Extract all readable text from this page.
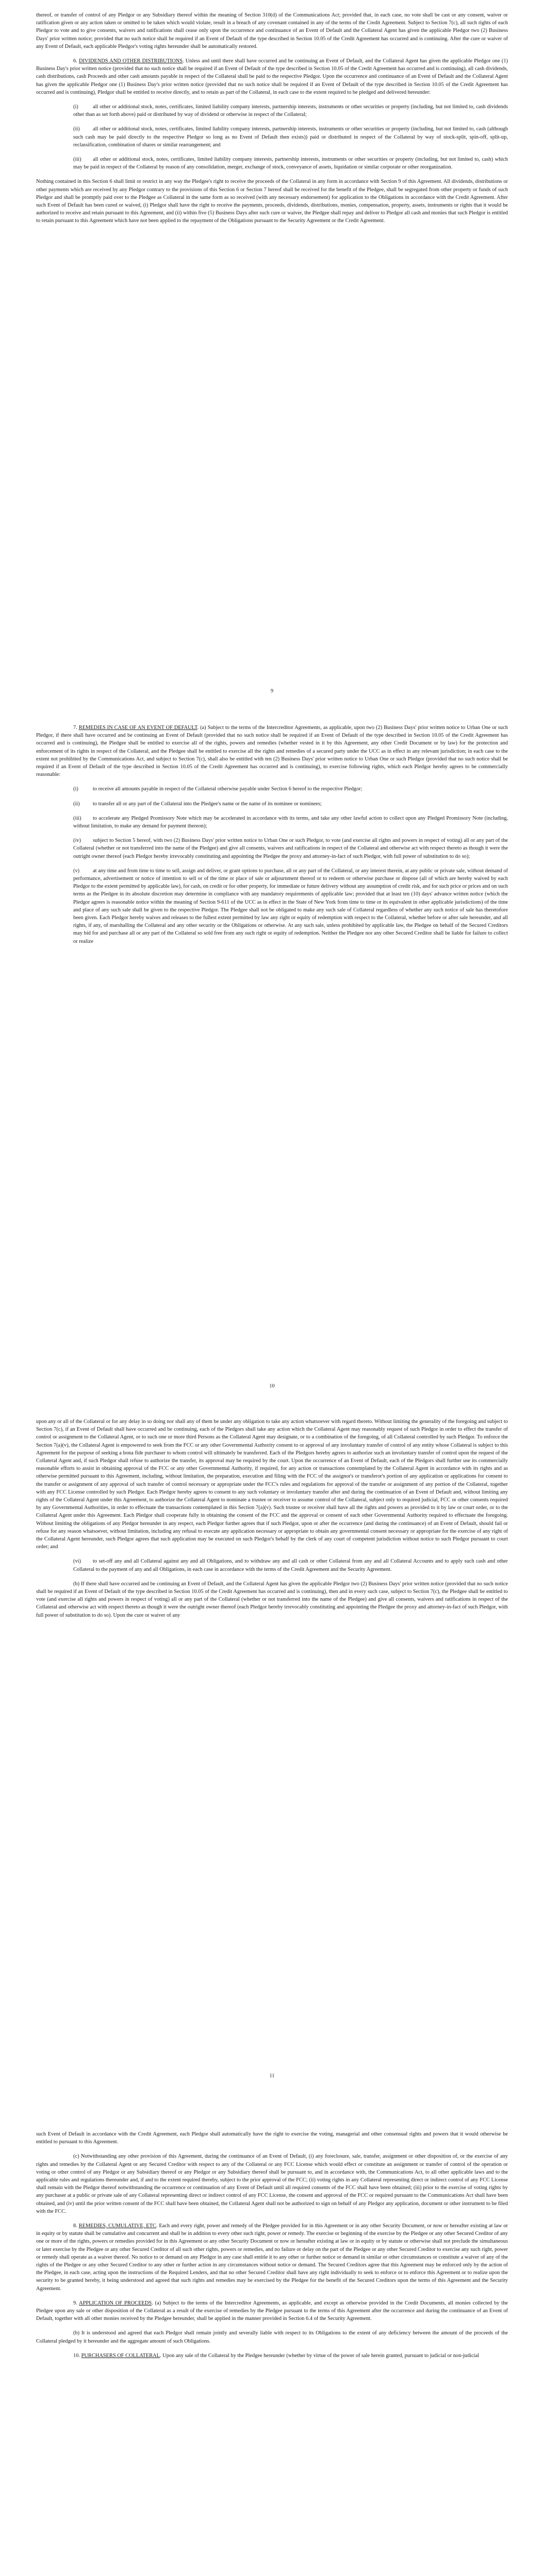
thereof, or transfer of control of any Pledgor or any Subsidiary thereof within the meaning of Section 310(d) of the Communications Act; provided that, in each case, no vote shall be cast or any consent, waiver or ratification given or any action taken or omitted to be taken which would violate, result in a breach of any covenant contained in any of the terms of the Credit Agreement. Subject to Section 7(c), all such rights of each Pledgor to vote and to give consents, waivers and ratifications shall cease only upon the occurrence and continuance of an Event of Default and the Collateral Agent has given the applicable Pledgor two (2) Business Days' prior written notice; provided that no such notice shall be required if an Event of Default of the type described in Section 10.05 of the Credit Agreement has occurred and is continuing. After the cure or waiver of any Event of Default, each applicable Pledgor's voting rights hereunder shall be automatically restored.

6. DIVIDENDS AND OTHER DISTRIBUTIONS. Unless and until there shall have occurred and be continuing an Event of Default, and the Collateral Agent has given the applicable Pledgor one (1) Business Day's prior written notice (provided that no such notice shall be required if an Event of Default of the type described in Section 10.05 of the Credit Agreement has occurred and is continuing), all cash dividends, cash distributions, cash Proceeds and other cash amounts payable in respect of the Collateral shall be paid to the respective Pledgor. Upon the occurrence and continuance of an Event of Default and the Collateral Agent has given the applicable Pledgor one (1) Business Day's prior written notice (provided that no such notice shall be required if an Event of Default of the type described in Section 10.05 of the Credit Agreement has occurred and is continuing), Pledgor shall be entitled to receive directly, and to retain as part of the Collateral, in each case to the extent required to be pledged and delivered hereunder:

(i)	all other or additional stock, notes, certificates, limited liability company interests, partnership interests, instruments or other securities or property (including, but not limited to, cash dividends other than as set forth above) paid or distributed by way of dividend or otherwise in respect of the Collateral;

(ii) all other or additional stock, notes, certificates, limited liability company interests, partnership interests, instruments or other securities or property (including, but not limited to, cash (although such cash may be paid directly to the respective Pledgor so long as no Event of Default then exists)) paid or distributed in respect of the Collateral by way of stock-split, spin-off, split-up, reclassification, combination of shares or similar rearrangement; and

(iii) all other or additional stock, notes, certificates, limited liability company interests, partnership interests, instruments or other securities or property (including, but not limited to, cash) which may be paid in respect of the Collateral by reason of any consolidation, merger, exchange of stock, conveyance of assets, liquidation or similar corporate or other reorganization.

Nothing contained in this Section 6 shall limit or restrict in any way the Pledgee's right to receive the proceeds of the Collateral in any form in accordance with Section 9 of this Agreement. All dividends, distributions or other payments which are received by any Pledgor contrary to the provisions of this Section 6 or Section 7 hereof shall be received for the benefit of the Pledgee, shall be segregated from other property or funds of such Pledgor and shall be promptly paid over to the Pledgee as Collateral in the same form as so received (with any necessary endorsement) for application to the Obligations in accordance with the Credit Agreement. After such Event of Default has been cured or waived, (i) Pledgor shall have the right to receive the payments, proceeds, dividends, distributions, monies, compensation, property, assets, instruments or rights that it would be authorized to receive and retain pursuant to this Agreement, and (ii) within five (5) Business Days after such cure or waiver, the Pledgee shall repay and deliver to Pledgor all cash and monies that such Pledgor is entitled to retain pursuant to this Agreement which have not been applied to the repayment of the Obligations pursuant to the Security Agreement or the Credit Agreement.

9

7. REMEDIES IN CASE OF AN EVENT OF DEFAULT. (a) Subject to the terms of the Intercreditor Agreements, as applicable, upon two (2) Business Days' prior written notice to Urban One or such Pledgor, if there shall have occurred and be continuing an Event of Default (provided that no such notice shall be required if an Event of Default of the type described in Section 10.05 of the Credit Agreement has occurred and is continuing), the Pledgee shall be entitled to exercise all of the rights, powers and remedies (whether vested in it by this Agreement, any other Credit Document or by law) for the protection and enforcement of its rights in respect of the Collateral, and the Pledgee shall be entitled to exercise all the rights and remedies of a secured party under the UCC as in effect in any relevant jurisdiction; in each case to the extent not prohibited by the Communications Act, and subject to Section 7(c), shall also be entitled with ten (2) Business Days' prior written notice to Urban One or such Pledgor (provided that no such notice shall be required if an Event of Default of the type described in Section 10.05 of the Credit Agreement has occurred and is continuing), to exercise following rights, which each Pledgor hereby agrees to be commercially reasonable:

(i)	to receive all amounts payable in respect of the Collateral otherwise payable under Section 6 hereof to the respective Pledgor;

(ii) to transfer all or any part of the Collateral into the Pledgee's name or the name of its nominee or nominees;

(iii) to accelerate any Pledged Promissory Note which may be accelerated in accordance with its terms, and take any other lawful action to collect upon any Pledged Promissory Note (including, without limitation, to make any demand for payment thereon);

(iv) subject to Section 5 hereof, with two (2) Business Days' prior written notice to Urban One or such Pledgor, to vote (and exercise all rights and powers in respect of voting) all or any part of the Collateral (whether or not transferred into the name of the Pledgee) and give all consents, waivers and ratifications in respect of the Collateral and otherwise act with respect thereto as though it were the outright owner thereof (each Pledgor hereby irrevocably constituting and appointing the Pledgee the proxy and attorney-in-fact of such Pledgor, with full power of substitution to do so);

(v) at any time and from time to time to sell, assign and deliver, or grant options to purchase, all or any part of the Collateral, or any interest therein, at any public or private sale, without demand of performance, advertisement or notice of intention to sell or of the time or place of sale or adjournment thereof or to redeem or otherwise purchase or dispose (all of which are hereby waived by each Pledgor to the extent permitted by applicable law), for cash, on credit or for other property, for immediate or future delivery without any assumption of credit risk, and for such price or prices and on such terms as the Pledgee in its absolute discretion may determine in compliance with any mandatory requirements of applicable law; provided that at least ten (10) days' advance written notice (which the Pledgor agrees is reasonable notice within the meaning of Section 9-611 of the UCC as in effect in the State of New York from time to time or its equivalent in other applicable jurisdictions) of the time and place of any such sale shall be given to the respective Pledgor. The Pledgee shall not be obligated to make any such sale of Collateral regardless of whether any such notice of sale has theretofore been given. Each Pledgor hereby waives and releases to the fullest extent permitted by law any right or equity of redemption with respect to the Collateral, whether before or after sale hereunder, and all rights, if any, of marshalling the Collateral and any other security or the Obligations or otherwise. At any such sale, unless prohibited by applicable law, the Pledgee on behalf of the Secured Creditors may bid for and purchase all or any part of the Collateral so sold free from any such right or equity of redemption. Neither the Pledgee nor any other Secured Creditor shall be liable for failure to collect or realize

10

upon any or all of the Collateral or for any delay in so doing nor shall any of them be under any obligation to take any action whatsoever with regard thereto. Without limiting the generality of the foregoing and subject to Section 7(c), if an Event of Default shall have occurred and be continuing, each of the Pledgors shall take any action which the Collateral Agent may reasonably request of such Pledgor in order to effect the transfer of control or assignment to the Collateral Agent, or to such one or more third Persons as the Collateral Agent may designate, or to a combination of the foregoing, of all Collateral controlled by such Pledgor. To enforce the Section 7(a)(v), the Collateral Agent is empowered to seek from the FCC or any other Governmental Authority consent to or approval of any involuntary transfer of control of any entity whose Collateral is subject to this Agreement for the purpose of seeking a bona fide purchaser to whom control will ultimately be transferred. Each of the Pledgors hereby agrees to authorize such an involuntary transfer of control upon the request of the Collateral Agent and, if such Pledgor shall refuse to authorize the transfer, its approval may be required by the court. Upon the occurrence of an Event of Default, each of the Pledgors shall further use its commercially reasonable efforts to assist in obtaining approval of the FCC or any other Governmental Authority, if required, for any action or transactions contemplated by the Collateral Agent in accordance with its rights and as otherwise permitted pursuant to this Agreement, including, without limitation, the preparation, execution and filing with the FCC of the assignor's or transferor's portion of any application or applications for consent to the transfer or assignment of any approval of such transfer of control necessary or appropriate under the FCC's rules and regulations for approval of the transfer or assignment of any portion of the Collateral, together with any FCC License controlled by such Pledgor. Each Pledgor hereby agrees to consent to any such voluntary or involuntary transfer after and during the continuation of an Event of Default and, without limiting any rights of the Collateral Agent under this Agreement, to authorize the Collateral Agent to nominate a trustee or receiver to assume control of the Collateral, subject only to required judicial, FCC or other consents required by any Governmental Authorities, in order to effectuate the transactions contemplated in this Section 7(a)(v). Such trustee or receiver shall have all the rights and powers as provided to it by law or court order, or to the Collateral Agent under this Agreement. Each Pledgor shall cooperate fully in obtaining the consent of the FCC and the approval or consent of each other Governmental Authority required to effectuate the foregoing. Without limiting the obligations of any Pledgor hereunder in any respect, each Pledgor further agrees that if such Pledgor, upon or after the occurrence (and during the continuance) of an Event of Default, should fail or refuse for any reason whatsoever, without limitation, including any refusal to execute any application necessary or appropriate to obtain any governmental consent necessary or appropriate for the exercise of any right of the Collateral Agent hereunder, such Pledgor agrees that such application may be executed on such Pledgor's behalf by the clerk of any court of competent jurisdiction without notice to such Pledgor pursuant to court order; and

(vi) to set-off any and all Collateral against any and all Obligations, and to withdraw any and all cash or other Collateral from any and all Collateral Accounts and to apply such cash and other Collateral to the payment of any and all Obligations, in each case in accordance with the terms of the Credit Agreement and the Security Agreement.

(b) If there shall have occurred and be continuing an Event of Default, and the Collateral Agent has given the applicable Pledgor two (2) Business Days' prior written notice (provided that no such notice shall be required if an Event of Default of the type described in Section 10.05 of the Credit Agreement has occurred and is continuing), then and in every such case, subject to Section 7(c), the Pledgee shall be entitled to vote (and exercise all rights and powers in respect of voting) all or any part of the Collateral (whether or not transferred into the name of the Pledgee) and give all consents, waivers and ratifications in respect of the Collateral and otherwise act with respect thereto as though it were the outright owner thereof (each Pledgor hereby irrevocably constituting and appointing the Pledgee the proxy and attorney-in-fact of such Pledgor, with full power of substitution to do so). Upon the cure or waiver of any

11

such Event of Default in accordance with the Credit Agreement, each Pledgor shall automatically have the right to exercise the voting, managerial and other consensual rights and powers that it would otherwise be entitled to pursuant to this Agreement.

(c) Notwithstanding any other provision of this Agreement, during the continuance of an Event of Default, (i) any foreclosure, sale, transfer, assignment or other disposition of, or the exercise of any rights and remedies by the Collateral Agent or any Secured Creditor with respect to any of the Collateral or any FCC License which would effect or constitute an assignment or transfer of control of the operation or voting or other control of any Pledgor or any Subsidiary thereof or any Pledgor or any Subsidiary thereof shall be pursuant to, and in accordance with, the Communications Act, to all other applicable laws and to the applicable rules and regulations thereunder and, if and to the extent required thereby, subject to the prior approval of the FCC; (ii) voting rights in any Collateral representing direct or indirect control of any FCC License shall remain with the Pledgor thereof notwithstanding the occurrence or continuation of any Event of Default until all required consents of the FCC shall have been obtained; (iii) prior to the exercise of voting rights by any purchaser at a public or private sale of any Collateral representing direct or indirect control of any FCC License, the consent and approval of the FCC or required pursuant to the Communications Act shall have been obtained, and (iv) until the prior written consent of the FCC shall have been obtained, the Collateral Agent shall not be authorized to sign on behalf of any Pledgor any application, document or other instrument to be filed with the FCC.

8. REMEDIES, CUMULATIVE, ETC. Each and every right, power and remedy of the Pledgee provided for in this Agreement or in any other Security Document, or now or hereafter existing at law or in equity or by statute shall be cumulative and concurrent and shall be in addition to every other such right, power or remedy. The exercise or beginning of the exercise by the Pledgee or any other Secured Creditor of any one or more of the rights, powers or remedies provided for in this Agreement or any other Security Document or now or hereafter existing at law or in equity or by statute or otherwise shall not preclude the simultaneous or later exercise by the Pledgee or any other Secured Creditor of all such other rights, powers or remedies, and no failure or delay on the part of the Pledgee or any other Secured Creditor to exercise any such right, power or remedy shall operate as a waiver thereof. No notice to or demand on any Pledgor in any case shall entitle it to any other or further notice or demand in similar or other circumstances or constitute a waiver of any of the rights of the Pledgee or any other Secured Creditor to any other or further action in any circumstances without notice or demand. The Secured Creditors agree that this Agreement may be enforced only by the action of the Pledgee, in each case, acting upon the instructions of the Required Lenders, and that no other Secured Creditor shall have any right individually to seek to enforce or to enforce this Agreement or to realize upon the security to be granted hereby, it being understood and agreed that such rights and remedies may be exercised by the Pledgee for the benefit of the Secured Creditors upon the terms of this Agreement and the Security Agreement.

9. APPLICATION OF PROCEEDS. (a) Subject to the terms of the Intercreditor Agreements, as applicable, and except as otherwise provided in the Credit Documents, all monies collected by the Pledgee upon any sale or other disposition of the Collateral as a result of the exercise of remedies by the Pledgee pursuant to the terms of this Agreement after the occurrence and during the continuance of an Event of Default, together with all other monies received by the Pledgee hereunder, shall be applied in the manner provided in Section 6.4 of the Security Agreement.

(b) It is understood and agreed that each Pledgor shall remain jointly and severally liable with respect to its Obligations to the extent of any deficiency between the amount of the proceeds of the Collateral pledged by it hereunder and the aggregate amount of such Obligations.

10. PURCHASERS OF COLLATERAL. Upon any sale of the Collateral by the Pledgee hereunder (whether by virtue of the power of sale herein granted, pursuant to judicial or non-judicial
